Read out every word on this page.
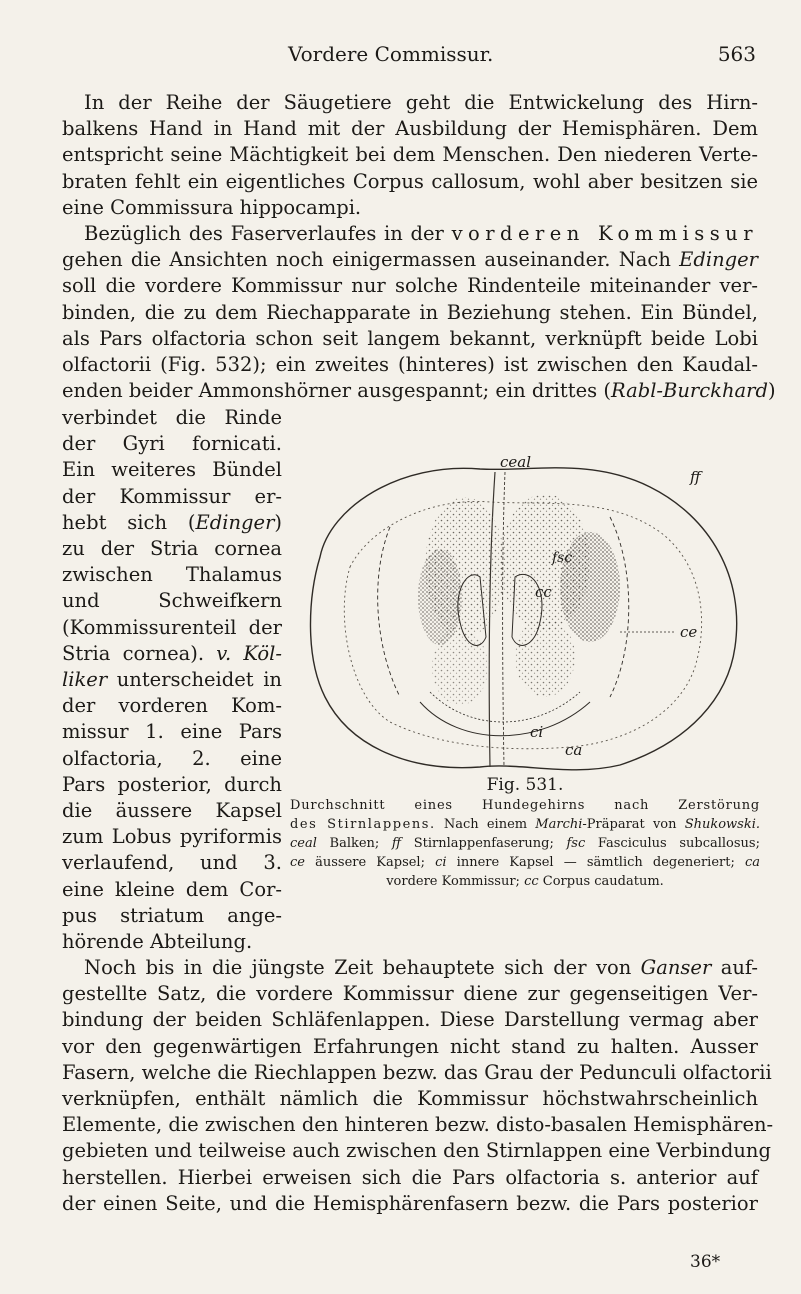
Vordere Commissur.	563
In der Reihe der Säugetiere geht die Entwickelung des Hirn-
balkens Hand in Hand mit der Ausbildung der Hemisphären. Dem
entspricht seine Mächtigkeit bei dem Menschen. Den niederen Verte-
braten fehlt ein eigentliches Corpus callosum, wohl aber besitzen sie
eine Commissura hippocampi.
Bezüglich des Faserverlaufes in der vorderen Kommissur
gehen die Ansichten noch einigermassen auseinander. Nach Edinger
soll die vordere Kommissur nur solche Rindenteile miteinander ver-
binden, die zu dem Riechapparate in Beziehung stehen. Ein Bündel,
als Pars olfactoria schon seit langem bekannt, verknüpft beide Lobi
olfactorii (Fig. 532); ein zweites (hinteres) ist zwischen den Kaudal-
enden beider Ammonshörner ausgespannt; ein drittes (Rabl-Burckhard)
verbindet die Rinde
der Gyri fornicati.
Ein weiteres Bündel
der Kommissur er-
hebt sich (Edinger)
zu der Stria cornea
zwischen Thalamus
und Schweifkern
(Kommissurenteil der
Stria cornea). v. Köl-
liker unterscheidet in
der vorderen Kom-
missur 1. eine Pars
olfactoria, 2. eine
Pars posterior, durch
die äussere Kapsel
zum Lobus pyriformis
verlaufend, und 3.
eine kleine dem Cor-
pus striatum ange-
hörende Abteilung.
ceal
ff
fsc
cc
ce
ci
ca
Fig. 531.
Durchschnitt eines Hundegehirns nach Zerstörung
des Stirnlappens. Nach einem Marchi-Präparat von Shukowski.
ceal Balken; ff Stirnlappenfaserung; fsc Fasciculus subcallosus;
ce äussere Kapsel; ci innere Kapsel — sämtlich degeneriert; ca
vordere Kommissur; cc Corpus caudatum.
Noch bis in die jüngste Zeit behauptete sich der von Ganser auf-
gestellte Satz, die vordere Kommissur diene zur gegenseitigen Ver-
bindung der beiden Schläfenlappen. Diese Darstellung vermag aber
vor den gegenwärtigen Erfahrungen nicht stand zu halten. Ausser
Fasern, welche die Riechlappen bezw. das Grau der Pedunculi olfactorii
verknüpfen, enthält nämlich die Kommissur höchstwahrscheinlich
Elemente, die zwischen den hinteren bezw. disto-basalen Hemisphären-
gebieten und teilweise auch zwischen den Stirnlappen eine Verbindung
herstellen. Hierbei erweisen sich die Pars olfactoria s. anterior auf
der einen Seite, und die Hemisphärenfasern bezw. die Pars posterior
36*
